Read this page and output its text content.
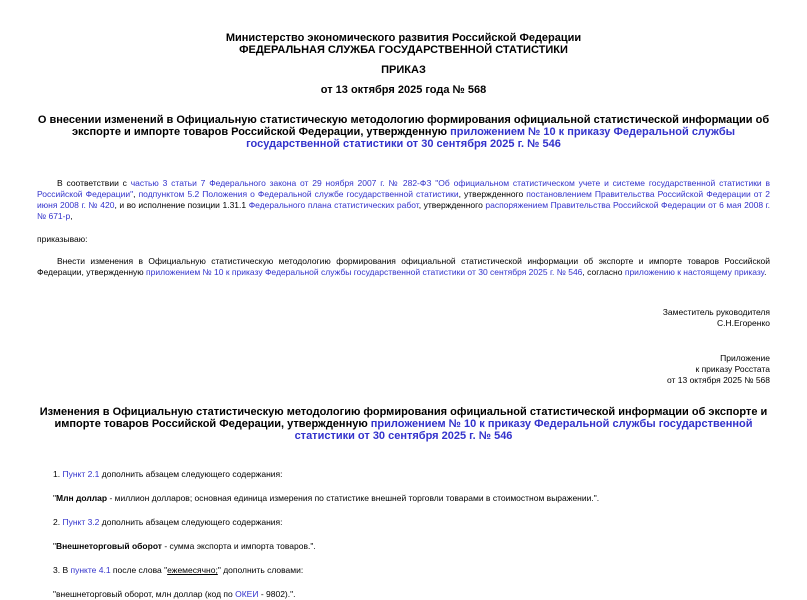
Министерство экономического развития Российской Федерации

ФЕДЕРАЛЬНАЯ СЛУЖБА ГОСУДАРСТВЕННОЙ СТАТИСТИКИ

ПРИКАЗ

от 13 октября 2025 года № 568

О внесении изменений в Официальную статистическую методологию формирования официальной статистической информации об экспорте и импорте товаров Российской Федерации, утвержденную приложением № 10 к приказу Федеральной службы государственной статистики от 30 сентября 2025 г. № 546

В соответствии с частью 3 статьи 7 Федерального закона от 29 ноября 2007 г. № 282-ФЗ "Об официальном статистическом учете и системе государственной статистики в Российской Федерации", подпунктом 5.2 Положения о Федеральной службе государственной статистики, утвержденного постановлением Правительства Российской Федерации от 2 июня 2008 г. № 420, и во исполнение позиции 1.31.1 Федерального плана статистических работ, утвержденного распоряжением Правительства Российской Федерации от 6 мая 2008 г. № 671-р,

приказываю:

Внести изменения в Официальную статистическую методологию формирования официальной статистической информации об экспорте и импорте товаров Российской Федерации, утвержденную приложением № 10 к приказу Федеральной службы государственной статистики от 30 сентября 2025 г. № 546, согласно приложению к настоящему приказу.

Заместитель руководителя
С.Н.Егоренко
Приложение
к приказу Росстата
от 13 октября 2025 № 568

Изменения в Официальную статистическую методологию формирования официальной статистической информации об экспорте и импорте товаров Российской Федерации, утвержденную приложением № 10 к приказу Федеральной службы государственной статистики от 30 сентября 2025 г. № 546

1. Пункт 2.1 дополнить абзацем следующего содержания:

"Млн доллар - миллион долларов; основная единица измерения по статистике внешней торговли товарами в стоимостном выражении.".

2. Пункт 3.2 дополнить абзацем следующего содержания:

"Внешнеторговый оборот - сумма экспорта и импорта товаров.".

3. В пункте 4.1 после слова "ежемесячно;" дополнить словами:

"внешнеторговый оборот, млн доллар (код по ОКЕИ - 9802).".
